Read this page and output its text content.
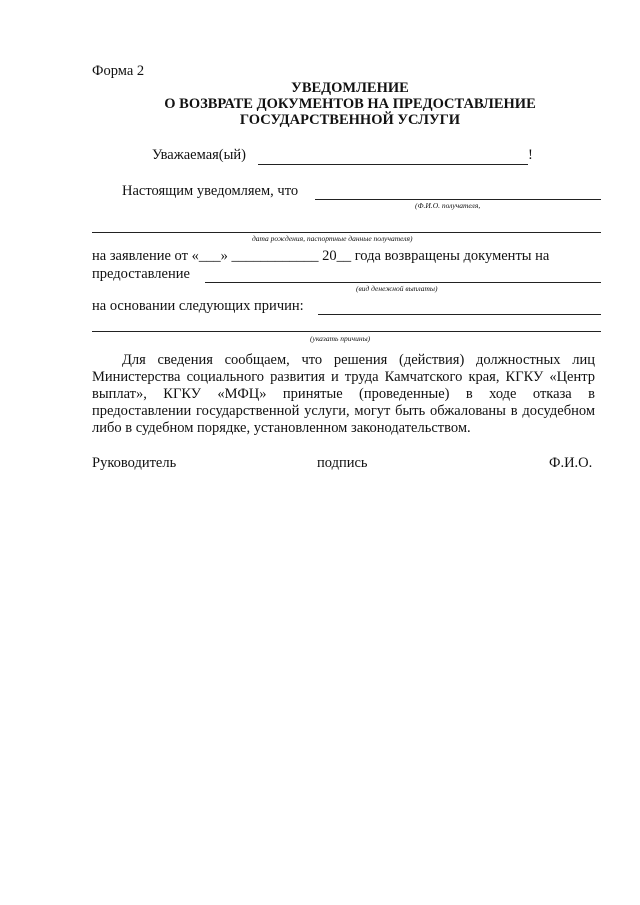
Форма 2
УВЕДОМЛЕНИЕ
О ВОЗВРАТЕ ДОКУМЕНТОВ НА ПРЕДОСТАВЛЕНИЕ
ГОСУДАРСТВЕННОЙ УСЛУГИ
Уважаемая(ый)	!
Настоящим уведомляем, что
(Ф.И.О. получателя,
дата рождения, паспортные данные получателя)
на заявление от «___» ____________ 20__ года возвращены документы на
предоставление
(вид денежной выплаты)
на основании следующих причин:
(указать причины)
Для сведения сообщаем, что решения (действия) должностных лиц Министерства социального развития и труда Камчатского края, КГКУ «Центр выплат», КГКУ «МФЦ» принятые (проведенные) в ходе отказа в предоставлении государственной услуги, могут быть обжалованы в досудебном либо в судебном порядке, установленном законодательством.
Руководитель	подпись	Ф.И.О.
